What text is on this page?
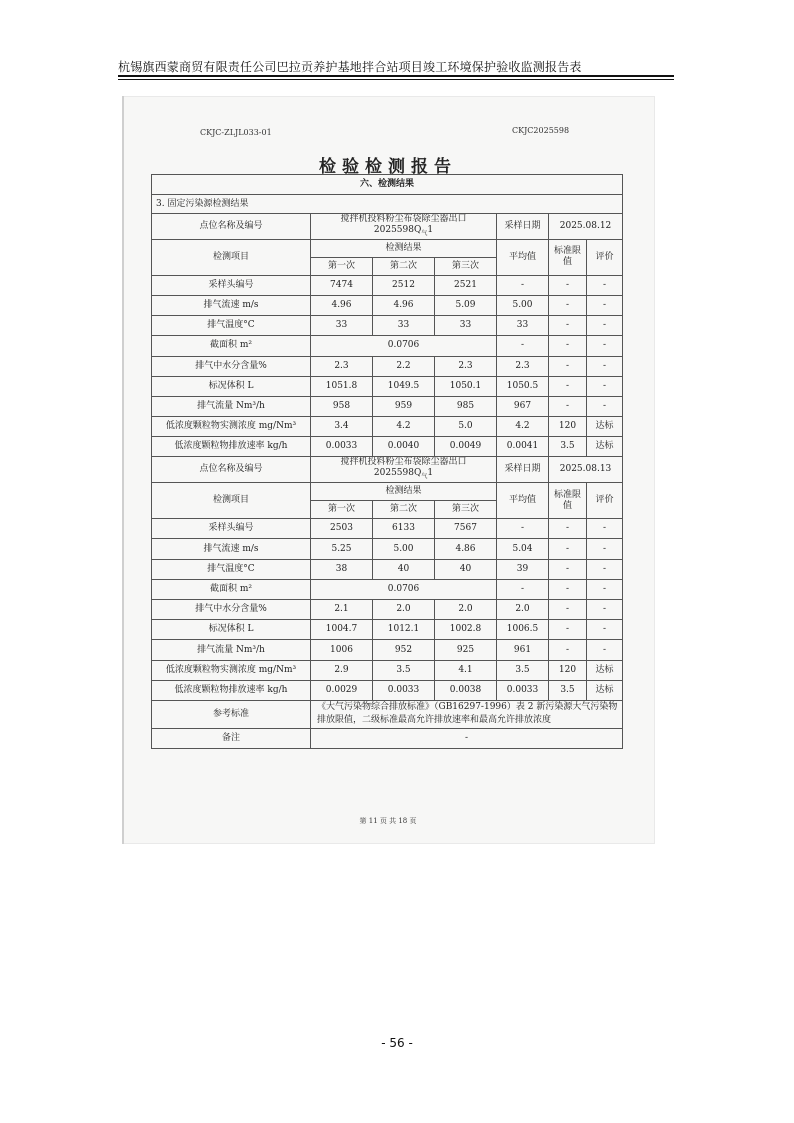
杭锡旗西蒙商贸有限责任公司巴拉贡养护基地拌合站项目竣工环境保护验收监测报告表
CKJC-ZLJL033-01	CKJC2025598
检验检测报告
六、检测结果						
3. 固定污染源检测结果						
点位名称及编号	搅拌机投料粉尘布袋除尘器出口
$2025598Q_气1$			采样日期	2025.08.12	
检测项目	检测结果			平均值	标准限值	评价
	第一次	第二次	第三次			
采样头编号	7474	2512	2521	-	-	-
排气流速 m/s	4.96	4.96	5.09	5.00	-	-
排气温度°C	33	33	33	33	-	-
截面积 m²	0.0706			-	-	-
排气中水分含量%	2.3	2.2	2.3	2.3	-	-
标况体积 L	1051.8	1049.5	1050.1	1050.5	-	-
排气流量 Nm³/h	958	959	985	967	-	-
低浓度颗粒物实测浓度 mg/Nm³	3.4	4.2	5.0	4.2	120	达标
低浓度颗粒物排放速率 kg/h	0.0033	0.0040	0.0049	0.0041	3.5	达标
点位名称及编号	搅拌机投料粉尘布袋除尘器出口
$2025598Q_气1$			采样日期	2025.08.13	
检测项目	检测结果			平均值	标准限值	评价
	第一次	第二次	第三次			
采样头编号	2503	6133	7567	-	-	-
排气流速 m/s	5.25	5.00	4.86	5.04	-	-
排气温度°C	38	40	40	39	-	-
截面积 m²	0.0706			-	-	-
排气中水分含量%	2.1	2.0	2.0	2.0	-	-
标况体积 L	1004.7	1012.1	1002.8	1006.5	-	-
排气流量 Nm³/h	1006	952	925	961	-	-
低浓度颗粒物实测浓度 mg/Nm³	2.9	3.5	4.1	3.5	120	达标
低浓度颗粒物排放速率 kg/h	0.0029	0.0033	0.0038	0.0033	3.5	达标
参考标准	《大气污染物综合排放标准》（GB16297-1996）表 2 新污染源大气污染物排放限值，二级标准最高允许排放速率和最高允许排放浓度					
备注	-					
第 11 页 共 18 页
- 56 -
